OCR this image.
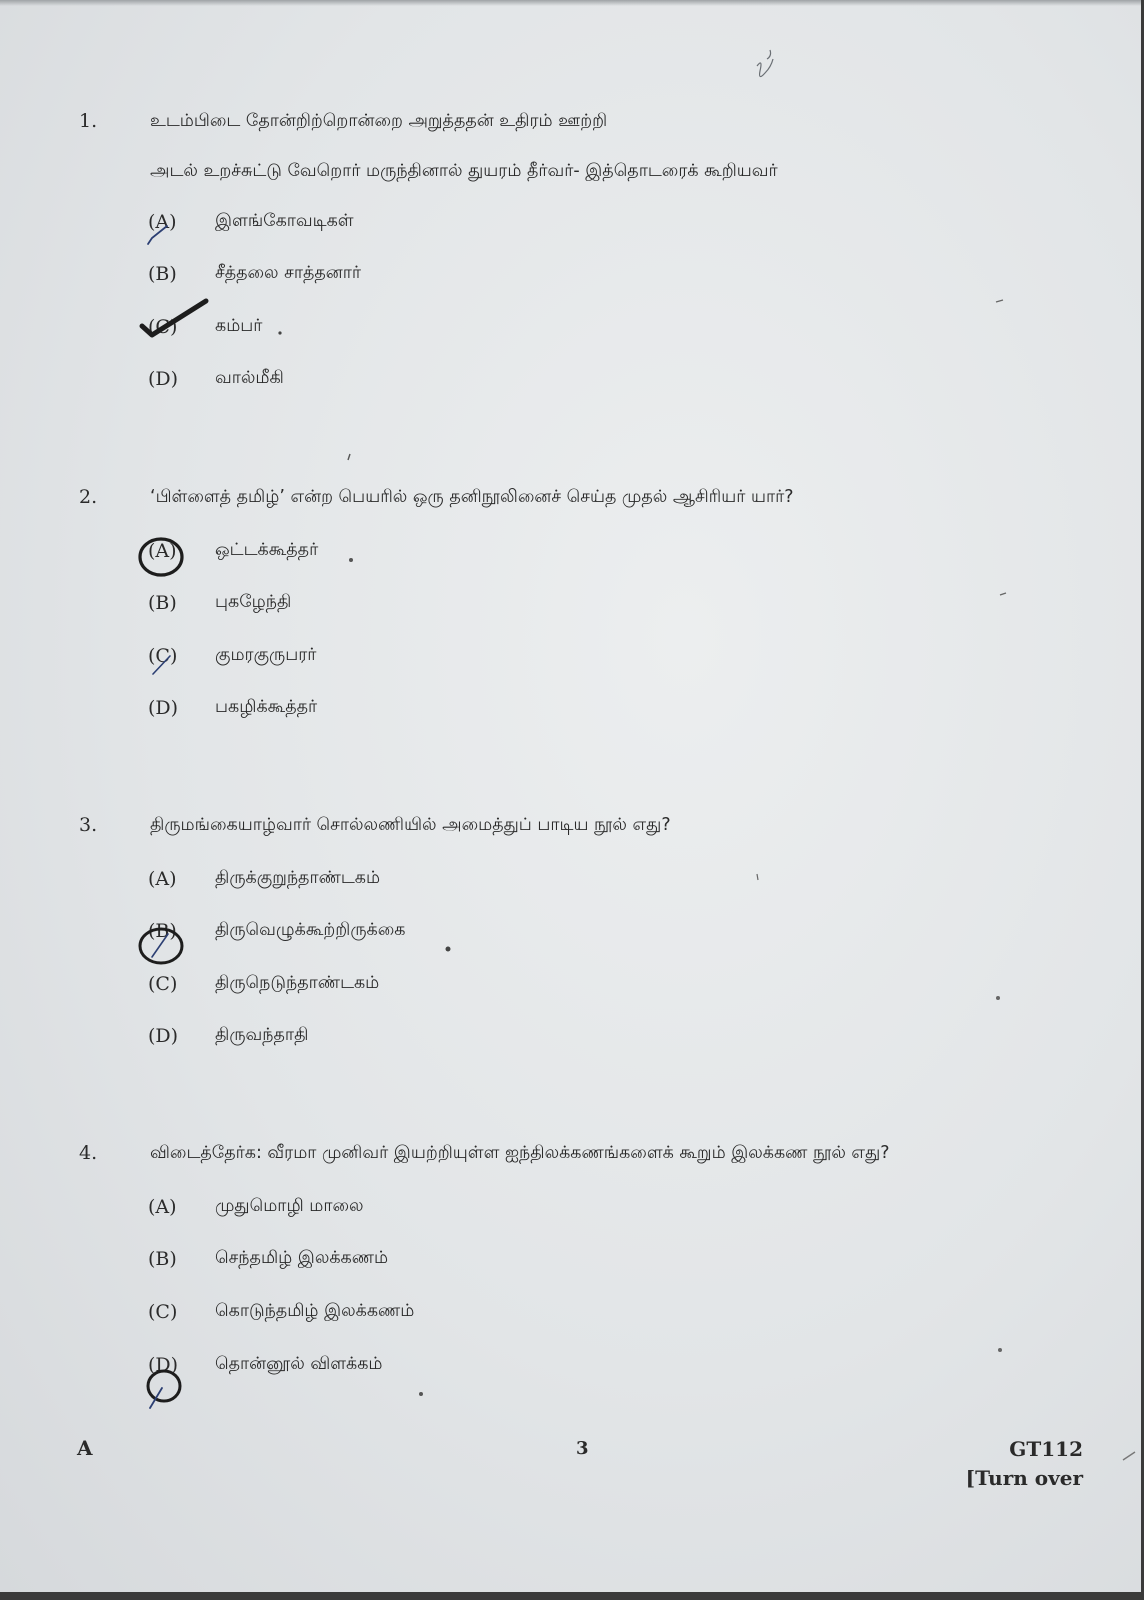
1.	உடம்பிடை தோன்றிற்றொன்றை அறுத்ததன் உதிரம் ஊற்றி
அடல் உறச்சுட்டு வேறொர் மருந்தினால் துயரம் தீர்வர்- இத்தொடரைக் கூறியவர்
(A) இளங்கோவடிகள்
(B) சீத்தலை சாத்தனார்
(C) கம்பர்
(D) வால்மீகி
2.	‘பிள்ளைத் தமிழ்’ என்ற பெயரில் ஒரு தனிநூலினைச் செய்த முதல் ஆசிரியர் யார்?
(A) ஒட்டக்கூத்தர்
(B) புகழேந்தி
(C) குமரகுருபரர்
(D) பகழிக்கூத்தர்
3.	திருமங்கையாழ்வார் சொல்லணியில் அமைத்துப் பாடிய நூல் எது?
(A) திருக்குறுந்தாண்டகம்
(B) திருவெழுக்கூற்றிருக்கை
(C) திருநெடுந்தாண்டகம்
(D) திருவந்தாதி
4.	விடைத்தேர்க: வீரமா முனிவர் இயற்றியுள்ள ஐந்திலக்கணங்களைக் கூறும் இலக்கண நூல் எது?
(A) முதுமொழி மாலை
(B) செந்தமிழ் இலக்கணம்
(C) கொடுந்தமிழ் இலக்கணம்
(D) தொன்னூல் விளக்கம்
A	3	GT112
[Turn over
